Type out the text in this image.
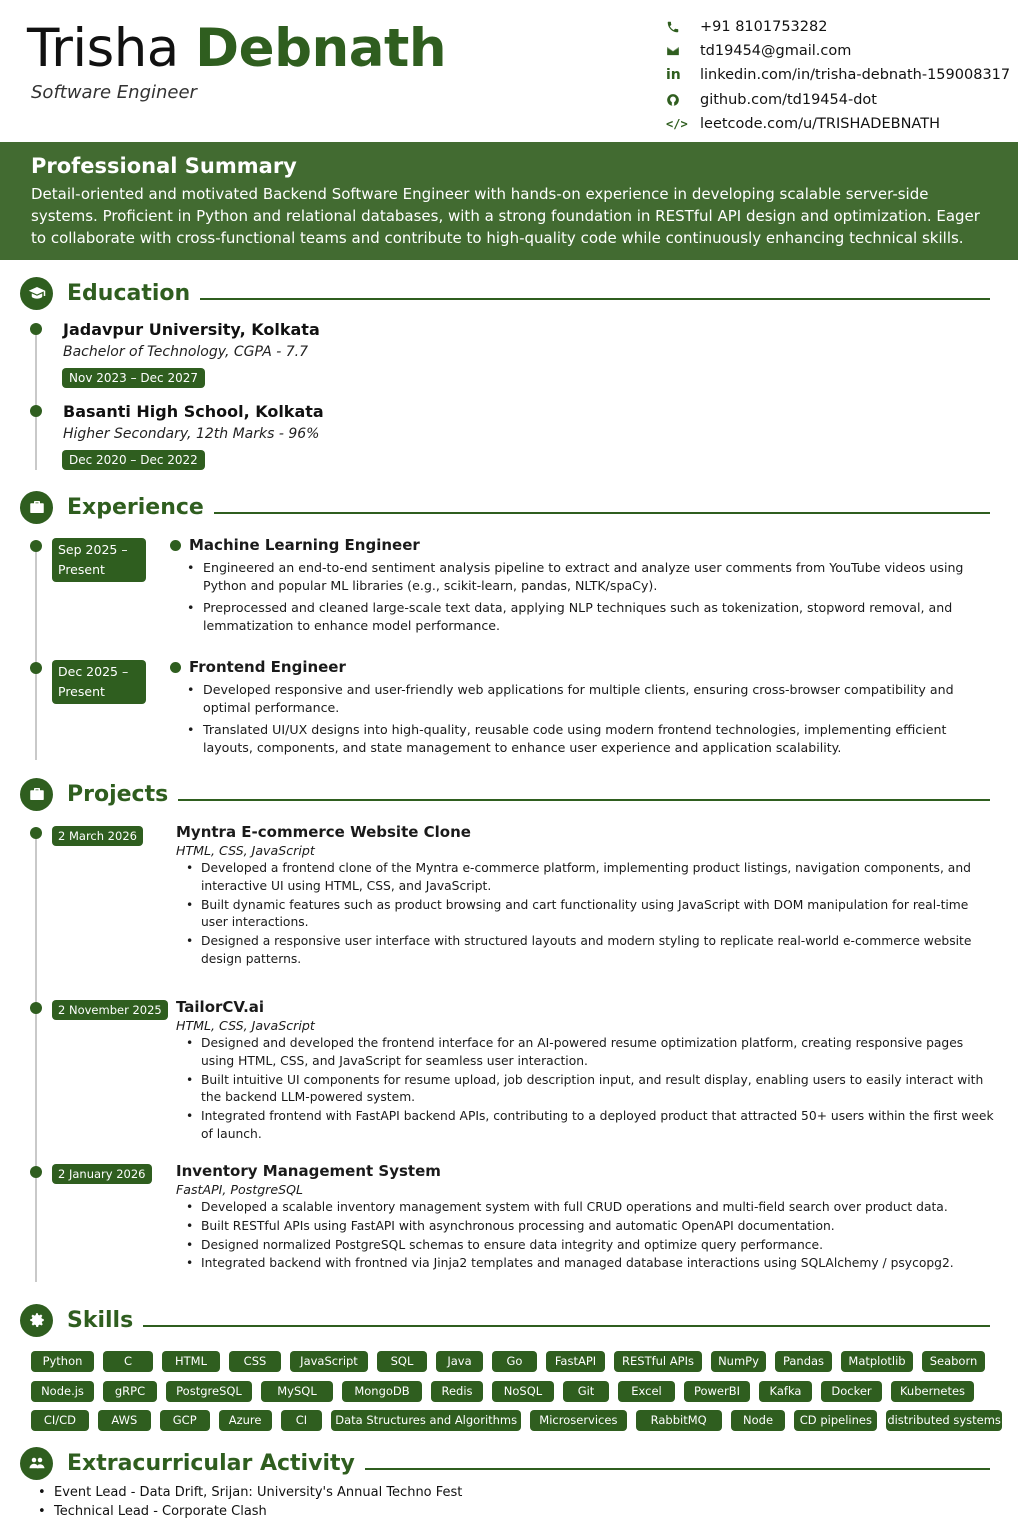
Trisha Debnath
Software Engineer
+91 8101753282
td19454@gmail.com
in	linkedin.com/in/trisha-debnath-159008317
github.com/td19454-dot
</> leetcode.com/u/TRISHADEBNATH
Professional Summary

Detail-oriented and motivated Backend Software Engineer with hands-on experience in developing scalable server-side systems. Proficient in Python and relational databases, with a strong foundation in RESTful API design and optimization. Eager to collaborate with cross-functional teams and contribute to high-quality code while continuously enhancing technical skills.

Education
Jadavpur University, Kolkata
Bachelor of Technology, CGPA - 7.7
Nov 2023 – Dec 2027
Basanti High School, Kolkata
Higher Secondary, 12th Marks - 96%
Dec 2020 – Dec 2022
Experience
Sep 2025 –
Present
Machine Learning Engineer
• Engineered an end-to-end sentiment analysis pipeline to extract and analyze user comments from YouTube videos using Python and popular ML libraries (e.g., scikit-learn, pandas, NLTK/spaCy).
• Preprocessed and cleaned large-scale text data, applying NLP techniques such as tokenization, stopword removal, and lemmatization to enhance model performance.
Dec 2025 –
Present
Frontend Engineer
• Developed responsive and user-friendly web applications for multiple clients, ensuring cross-browser compatibility and optimal performance.
• Translated UI/UX designs into high-quality, reusable code using modern frontend technologies, implementing efficient layouts, components, and state management to enhance user experience and application scalability.
Projects
2 March 2026	Myntra E-commerce Website Clone
HTML, CSS, JavaScript
• Developed a frontend clone of the Myntra e-commerce platform, implementing product listings, navigation components, and interactive UI using HTML, CSS, and JavaScript.
• Built dynamic features such as product browsing and cart functionality using JavaScript with DOM manipulation for real-time user interactions.
• Designed a responsive user interface with structured layouts and modern styling to replicate real-world e-commerce website design patterns.
2 November 2025 TailorCV.ai
HTML, CSS, JavaScript
• Designed and developed the frontend interface for an AI-powered resume optimization platform, creating responsive pages using HTML, CSS, and JavaScript for seamless user interaction.
• Built intuitive UI components for resume upload, job description input, and result display, enabling users to easily interact with the backend LLM-powered system.
• Integrated frontend with FastAPI backend APIs, contributing to a deployed product that attracted 50+ users within the first week of launch.
2 January 2026	Inventory Management System
FastAPI, PostgreSQL
• Developed a scalable inventory management system with full CRUD operations and multi-field search over product data.
• Built RESTful APIs using FastAPI with asynchronous processing and automatic OpenAPI documentation.
• Designed normalized PostgreSQL schemas to ensure data integrity and optimize query performance.
• Integrated backend with frontned via Jinja2 templates and managed database interactions using SQLAlchemy / psycopg2.
Skills
Python	C	HTML	CSS	JavaScript	SQL	Java	Go	FastAPI	RESTful APIs	NumPy	Pandas	Matplotlib	Seaborn
Node.js	gRPC	PostgreSQL	MySQL	MongoDB	Redis	NoSQL	Git	Excel	PowerBI	Kafka	Docker	Kubernetes
CI/CD	AWS	GCP	Azure	CI	Data Structures and Algorithms	Microservices	RabbitMQ	Node	CD pipelines	distributed systems
Extracurricular Activity
• Event Lead - Data Drift, Srijan: University's Annual Techno Fest
• Technical Lead - Corporate Clash
